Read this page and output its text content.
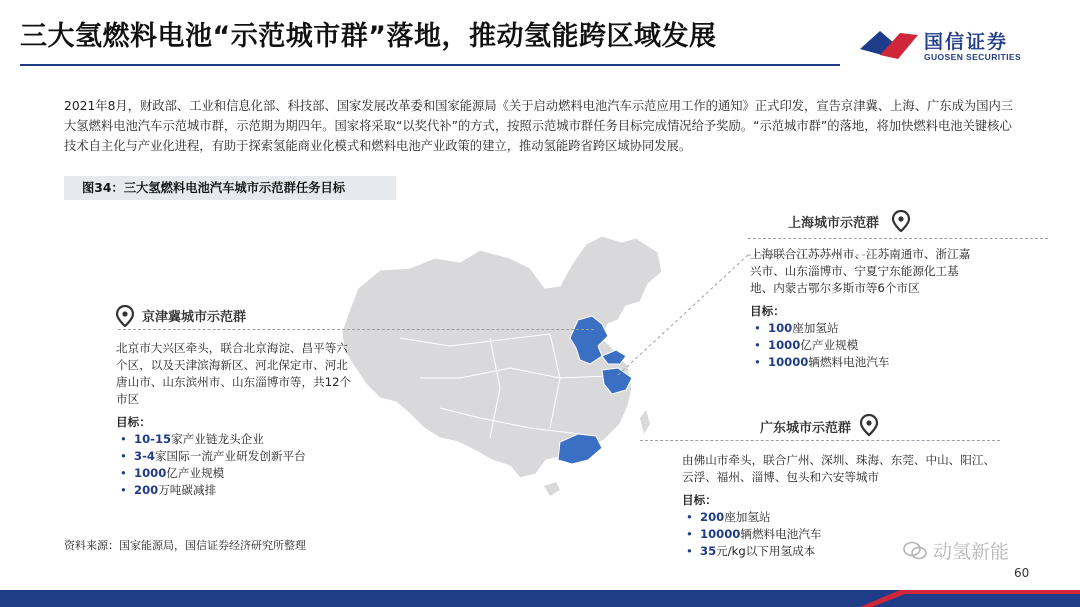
三大氢燃料电池“示范城市群”落地，推动氢能跨区域发展	国信证券
GUOSEN SECURITIES
2021年8月，财政部、工业和信息化部、科技部、国家发展改革委和国家能源局《关于启动燃料电池汽车示范应用工作的通知》正式印发，宣告京津冀、上海、广东成为国内三大氢燃料电池汽车示范城市群，示范期为期四年。国家将采取“以奖代补”的方式，按照示范城市群任务目标完成情况给予奖励。“示范城市群”的落地，将加快燃料电池关键核心技术自主化与产业化进程，有助于探索氢能商业化模式和燃料电池产业政策的建立，推动氢能跨省跨区域协同发展。
图34：三大氢燃料电池汽车城市示范群任务目标
京津冀城市示范群
北京市大兴区牵头，联合北京海淀、昌平等六个区，以及天津滨海新区、河北保定市、河北唐山市、山东滨州市、山东淄博市等，共12个市区
目标：
• 10-15家产业链龙头企业
• 3-4家国际一流产业研发创新平台
• 1000亿产业规模
• 200万吨碳减排
上海城市示范群
上海联合江苏苏州市、江苏南通市、浙江嘉兴市、山东淄博市、宁夏宁东能源化工基地、内蒙古鄂尔多斯市等6个市区
目标：
• 100座加氢站
• 1000亿产业规模
• 10000辆燃料电池汽车
广东城市示范群
由佛山市牵头，联合广州、深圳、珠海、东莞、中山、阳江、云浮、福州、淄博、包头和六安等城市
目标：
• 200座加氢站
• 10000辆燃料电池汽车
• 35元/kg以下用氢成本
资料来源：国家能源局，国信证券经济研究所整理	动氢新能
60
